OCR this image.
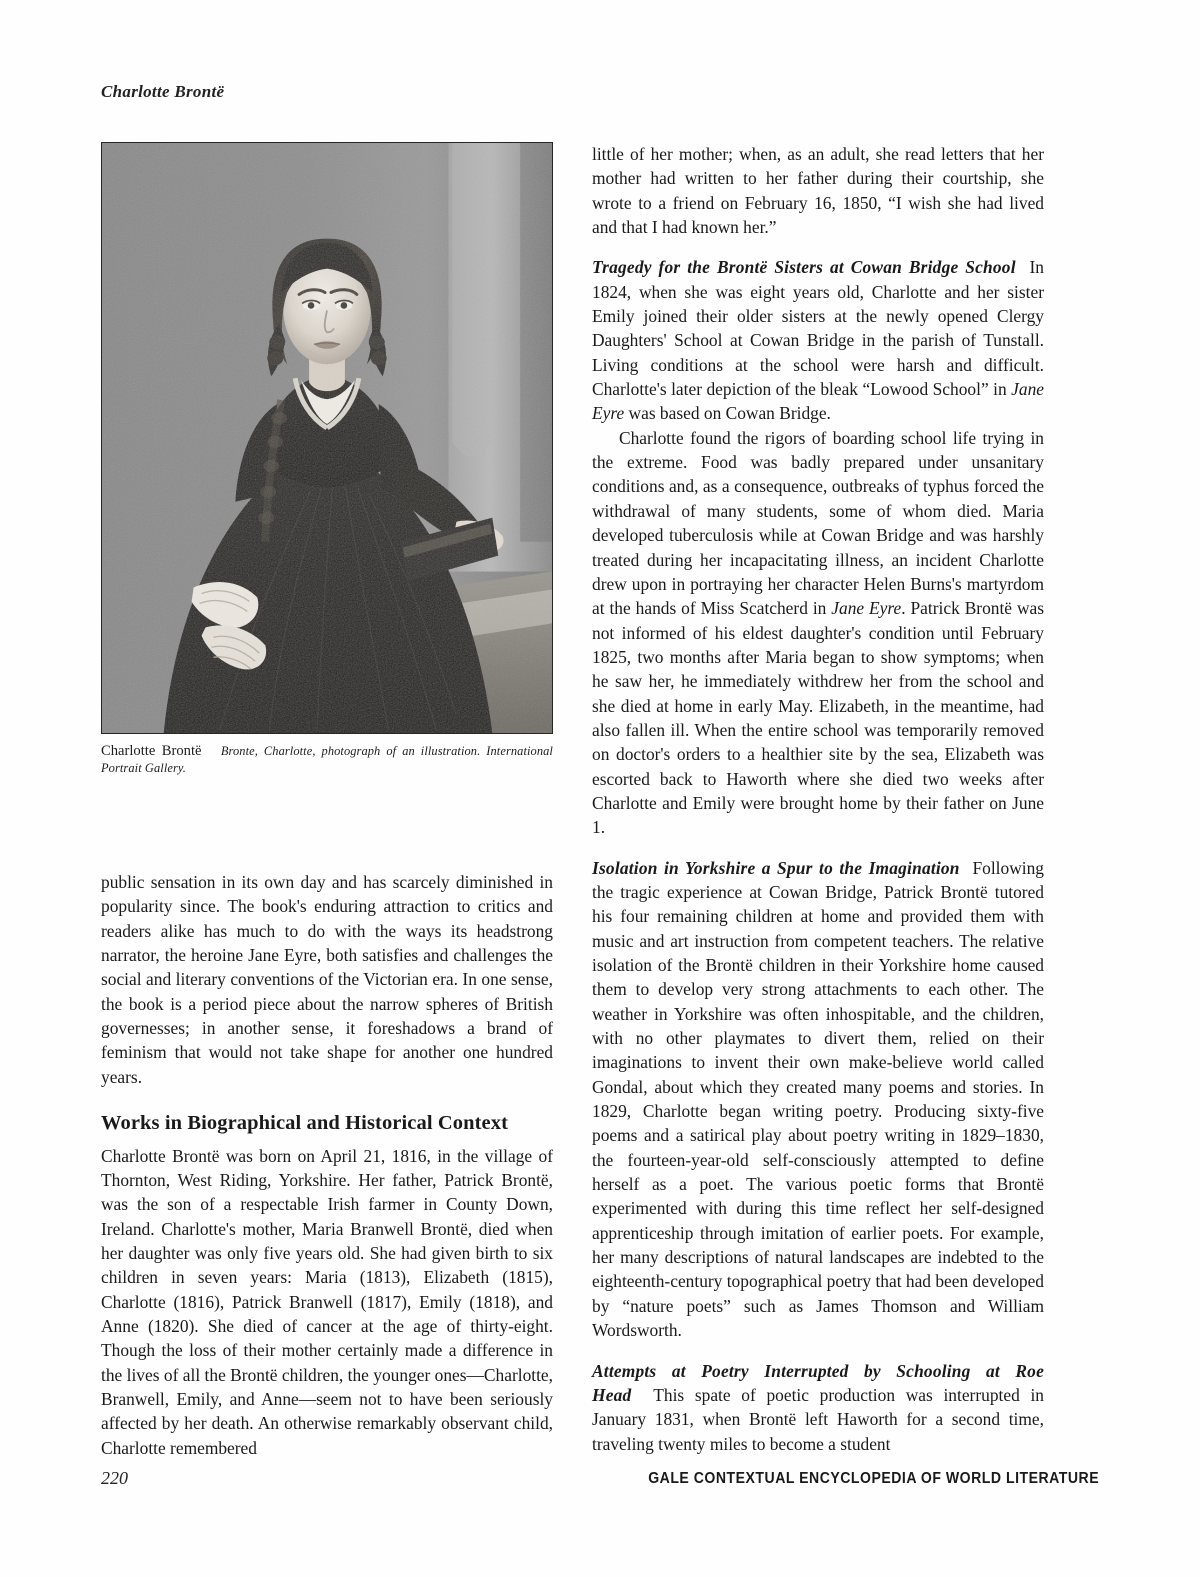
Charlotte Brontë
Charlotte Brontë Bronte, Charlotte, photograph of an illustration. International Portrait Gallery.

public sensation in its own day and has scarcely diminished in popularity since. The book's enduring attraction to critics and readers alike has much to do with the ways its headstrong narrator, the heroine Jane Eyre, both satisfies and challenges the social and literary conventions of the Victorian era. In one sense, the book is a period piece about the narrow spheres of British governesses; in another sense, it foreshadows a brand of feminism that would not take shape for another one hundred years.

Works in Biographical and Historical Context

Charlotte Brontë was born on April 21, 1816, in the village of Thornton, West Riding, Yorkshire. Her father, Patrick Brontë, was the son of a respectable Irish farmer in County Down, Ireland. Charlotte's mother, Maria Branwell Brontë, died when her daughter was only five years old. She had given birth to six children in seven years: Maria (1813), Elizabeth (1815), Charlotte (1816), Patrick Branwell (1817), Emily (1818), and Anne (1820). She died of cancer at the age of thirty-eight. Though the loss of their mother certainly made a difference in the lives of all the Brontë children, the younger ones—Charlotte, Branwell, Emily, and Anne—seem not to have been seriously affected by her death. An otherwise remarkably observant child, Charlotte remembered

little of her mother; when, as an adult, she read letters that her mother had written to her father during their courtship, she wrote to a friend on February 16, 1850, “I wish she had lived and that I had known her.”

Tragedy for the Brontë Sisters at Cowan Bridge School In 1824, when she was eight years old, Charlotte and her sister Emily joined their older sisters at the newly opened Clergy Daughters' School at Cowan Bridge in the parish of Tunstall. Living conditions at the school were harsh and difficult. Charlotte's later depiction of the bleak “Lowood School” in Jane Eyre was based on Cowan Bridge.

Charlotte found the rigors of boarding school life trying in the extreme. Food was badly prepared under unsanitary conditions and, as a consequence, outbreaks of typhus forced the withdrawal of many students, some of whom died. Maria developed tuberculosis while at Cowan Bridge and was harshly treated during her incapacitating illness, an incident Charlotte drew upon in portraying her character Helen Burns's martyrdom at the hands of Miss Scatcherd in Jane Eyre. Patrick Brontë was not informed of his eldest daughter's condition until February 1825, two months after Maria began to show symptoms; when he saw her, he immediately withdrew her from the school and she died at home in early May. Elizabeth, in the meantime, had also fallen ill. When the entire school was temporarily removed on doctor's orders to a healthier site by the sea, Elizabeth was escorted back to Haworth where she died two weeks after Charlotte and Emily were brought home by their father on June 1.

Isolation in Yorkshire a Spur to the Imagination Following the tragic experience at Cowan Bridge, Patrick Brontë tutored his four remaining children at home and provided them with music and art instruction from competent teachers. The relative isolation of the Brontë children in their Yorkshire home caused them to develop very strong attachments to each other. The weather in Yorkshire was often inhospitable, and the children, with no other playmates to divert them, relied on their imaginations to invent their own make-believe world called Gondal, about which they created many poems and stories. In 1829, Charlotte began writing poetry. Producing sixty-five poems and a satirical play about poetry writing in 1829–1830, the fourteen-year-old self-consciously attempted to define herself as a poet. The various poetic forms that Brontë experimented with during this time reflect her self-designed apprenticeship through imitation of earlier poets. For example, her many descriptions of natural landscapes are indebted to the eighteenth-century topographical poetry that had been developed by “nature poets” such as James Thomson and William Wordsworth.

Attempts at Poetry Interrupted by Schooling at Roe Head This spate of poetic production was interrupted in January 1831, when Brontë left Haworth for a second time, traveling twenty miles to become a student

220	GALE CONTEXTUAL ENCYCLOPEDIA OF WORLD LITERATURE
